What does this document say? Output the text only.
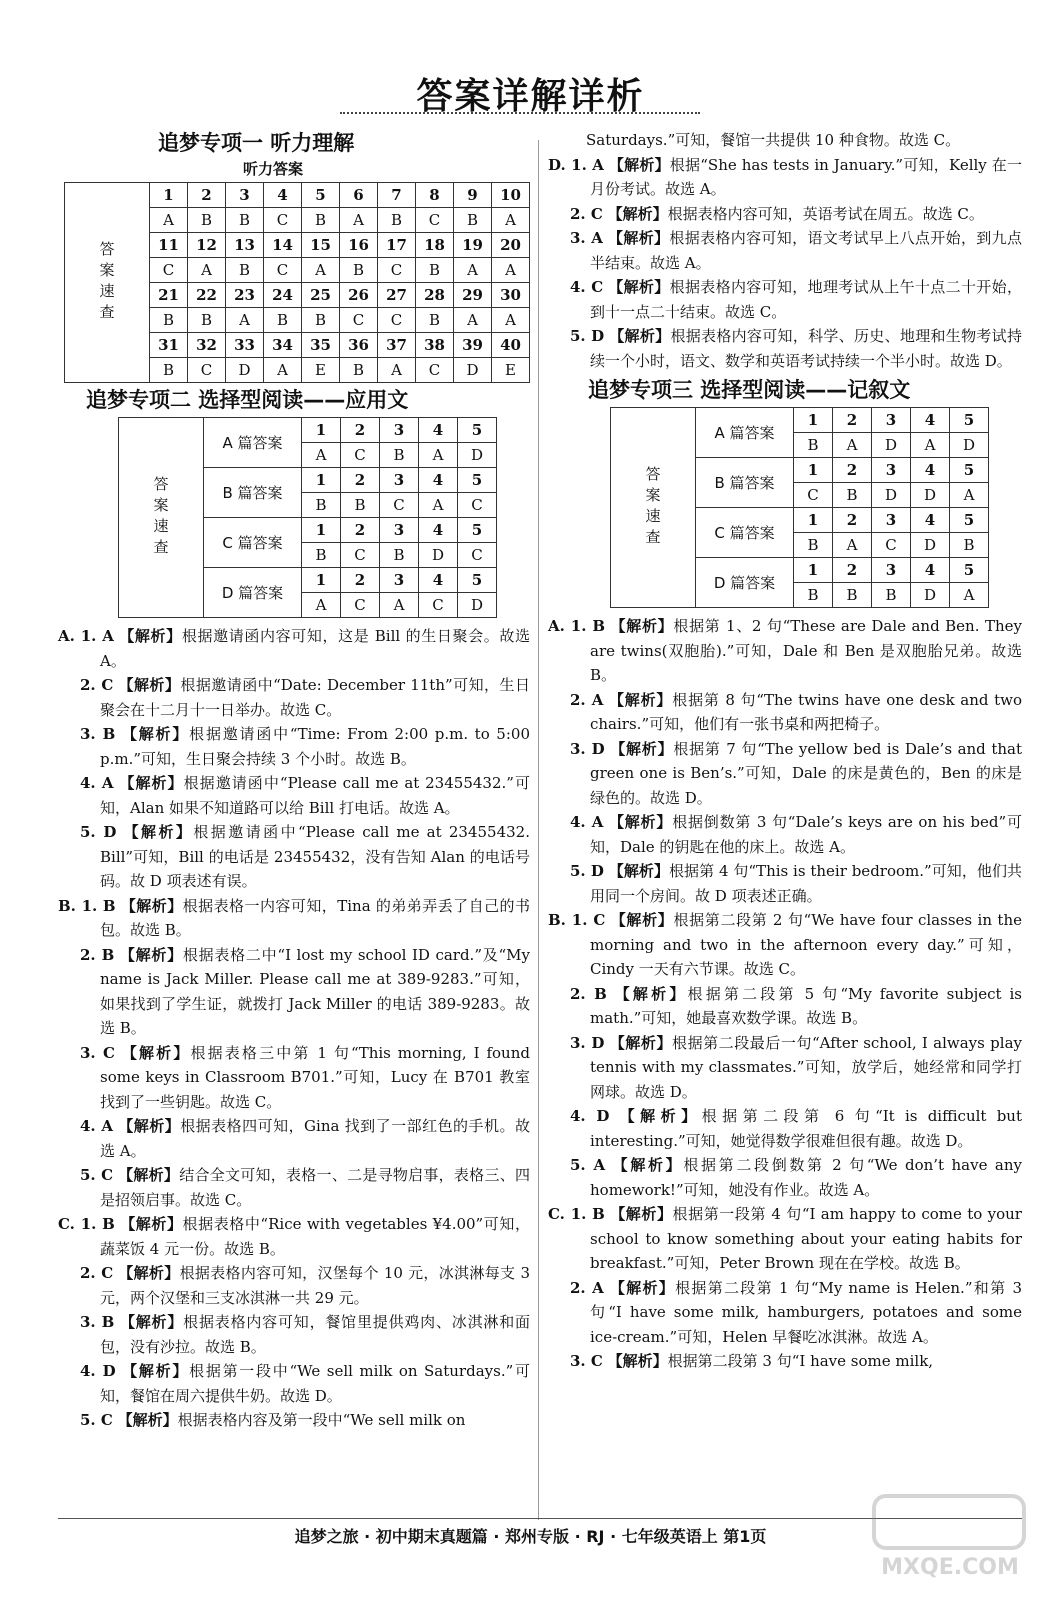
答案详解详析
追梦专项一 听力理解
听力答案
答案速查	1	2	3	4	5	6	7	8	9	10
	A	B	B	C	B	A	B	C	B	A
	11	12	13	14	15	16	17	18	19	20
	C	A	B	C	A	B	C	B	A	A
	21	22	23	24	25	26	27	28	29	30
	B	B	A	B	B	C	C	B	A	A
	31	32	33	34	35	36	37	38	39	40
	B	C	D	A	E	B	A	C	D	E
追梦专项二 选择型阅读——应用文
答案速查	A 篇答案	1	2	3	4	5
		A	C	B	A	D
	B 篇答案	1	2	3	4	5
		B	B	C	A	C
	C 篇答案	1	2	3	4	5
		B	C	B	D	C
	D 篇答案	1	2	3	4	5
		A	C	A	C	D
A. 1. A 【解析】根据邀请函内容可知，这是 Bill 的生日聚会。故选 A。
2. C 【解析】根据邀请函中“Date: December 11th”可知，生日聚会在十二月十一日举办。故选 C。
3. B 【解析】根据邀请函中“Time: From 2:00 p.m. to 5:00 p.m.”可知，生日聚会持续 3 个小时。故选 B。
4. A 【解析】根据邀请函中“Please call me at 23455432.”可知，Alan 如果不知道路可以给 Bill 打电话。故选 A。
5. D 【解析】根据邀请函中“Please call me at 23455432. Bill”可知，Bill 的电话是 23455432，没有告知 Alan 的电话号码。故 D 项表述有误。
B. 1. B 【解析】根据表格一内容可知，Tina 的弟弟弄丢了自己的书包。故选 B。
2. B 【解析】根据表格二中“I lost my school ID card.”及“My name is Jack Miller. Please call me at 389-9283.”可知，如果找到了学生证，就拨打 Jack Miller 的电话 389-9283。故选 B。
3. C 【解析】根据表格三中第 1 句“This morning, I found some keys in Classroom B701.”可知，Lucy 在 B701 教室找到了一些钥匙。故选 C。
4. A 【解析】根据表格四可知，Gina 找到了一部红色的手机。故选 A。
5. C 【解析】结合全文可知，表格一、二是寻物启事，表格三、四是招领启事。故选 C。
C. 1. B 【解析】根据表格中“Rice with vegetables ¥4.00”可知，蔬菜饭 4 元一份。故选 B。
2. C 【解析】根据表格内容可知，汉堡每个 10 元，冰淇淋每支 3 元，两个汉堡和三支冰淇淋一共 29 元。
3. B 【解析】根据表格内容可知，餐馆里提供鸡肉、冰淇淋和面包，没有沙拉。故选 B。
4. D 【解析】根据第一段中“We sell milk on Saturdays.”可知，餐馆在周六提供牛奶。故选 D。
5. C 【解析】根据表格内容及第一段中“We sell milk on
Saturdays.”可知，餐馆一共提供 10 种食物。故选 C。
D. 1. A 【解析】根据“She has tests in January.”可知，Kelly 在一月份考试。故选 A。
2. C 【解析】根据表格内容可知，英语考试在周五。故选 C。
3. A 【解析】根据表格内容可知，语文考试早上八点开始，到九点半结束。故选 A。
4. C 【解析】根据表格内容可知，地理考试从上午十点二十开始，到十一点二十结束。故选 C。
5. D 【解析】根据表格内容可知，科学、历史、地理和生物考试持续一个小时，语文、数学和英语考试持续一个半小时。故选 D。
追梦专项三 选择型阅读——记叙文
答案速查	A 篇答案	1	2	3	4	5
		B	A	D	A	D
	B 篇答案	1	2	3	4	5
		C	B	D	D	A
	C 篇答案	1	2	3	4	5
		B	A	C	D	B
	D 篇答案	1	2	3	4	5
		B	B	B	D	A
A. 1. B 【解析】根据第 1、2 句“These are Dale and Ben. They are twins(双胞胎).”可知，Dale 和 Ben 是双胞胎兄弟。故选 B。
2. A 【解析】根据第 8 句“The twins have one desk and two chairs.”可知，他们有一张书桌和两把椅子。
3. D 【解析】根据第 7 句“The yellow bed is Dale’s and that green one is Ben’s.”可知，Dale 的床是黄色的，Ben 的床是绿色的。故选 D。
4. A 【解析】根据倒数第 3 句“Dale’s keys are on his bed”可知，Dale 的钥匙在他的床上。故选 A。
5. D 【解析】根据第 4 句“This is their bedroom.”可知，他们共用同一个房间。故 D 项表述正确。
B. 1. C 【解析】根据第二段第 2 句“We have four classes in the morning and two in the afternoon every day.”可知，Cindy 一天有六节课。故选 C。
2. B 【解析】根据第二段第 5 句“My favorite subject is math.”可知，她最喜欢数学课。故选 B。
3. D 【解析】根据第二段最后一句“After school, I always play tennis with my classmates.”可知，放学后，她经常和同学打网球。故选 D。
4. D 【解析】根据第二段第 6 句“It is difficult but interesting.”可知，她觉得数学很难但很有趣。故选 D。
5. A 【解析】根据第二段倒数第 2 句“We don’t have any homework!”可知，她没有作业。故选 A。
C. 1. B 【解析】根据第一段第 4 句“I am happy to come to your school to know something about your eating habits for breakfast.”可知，Peter Brown 现在在学校。故选 B。
2. A 【解析】根据第二段第 1 句“My name is Helen.”和第 3 句“I have some milk, hamburgers, potatoes and some ice-cream.”可知，Helen 早餐吃冰淇淋。故选 A。
3. C 【解析】根据第二段第 3 句“I have some milk,
追梦之旅 · 初中期末真题篇 · 郑州专版 · RJ · 七年级英语上 第1页
MXQE.COM
